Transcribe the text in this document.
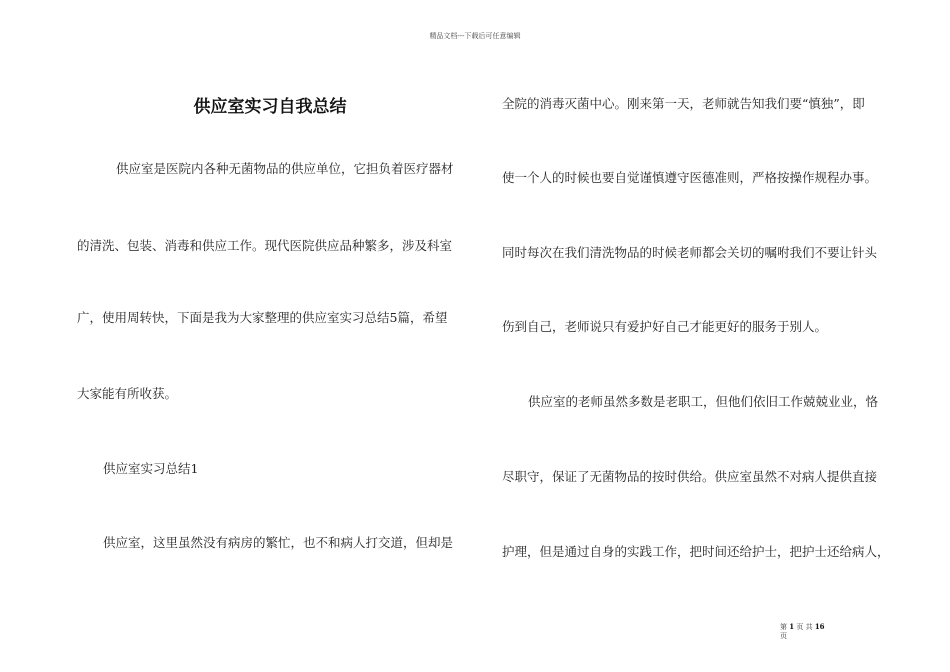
精品文档---下载后可任意编辑
供应室实习自我总结
供应室是医院内各种无菌物品的供应单位，它担负着医疗器材
的清洗、包装、消毒和供应工作。现代医院供应品种繁多，涉及科室
广，使用周转快，下面是我为大家整理的供应室实习总结5篇，希望
大家能有所收获。
供应室实习总结1
供应室，这里虽然没有病房的繁忙，也不和病人打交道，但却是
全院的消毒灭菌中心。刚来第一天，老师就告知我们要“慎独”，即
使一个人的时候也要自觉谨慎遵守医德准则，严格按操作规程办事。
同时每次在我们清洗物品的时候老师都会关切的嘱咐我们不要让针头
伤到自己，老师说只有爱护好自己才能更好的服务于别人。
供应室的老师虽然多数是老职工，但他们依旧工作兢兢业业，恪
尽职守，保证了无菌物品的按时供给。供应室虽然不对病人提供直接
护理，但是通过自身的实践工作，把时间还给护士，把护士还给病人，
第 1 页 共 16
页
